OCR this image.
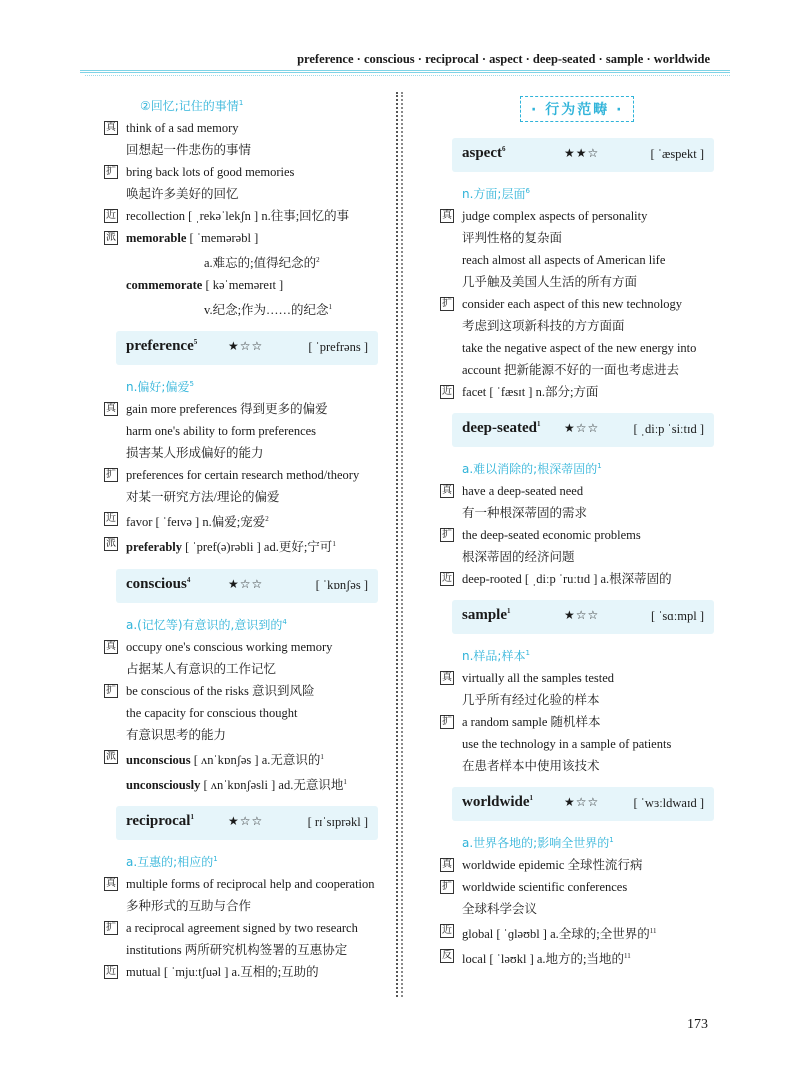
preference · conscious · reciprocal · aspect · deep-seated · sample · worldwide
②回忆;记住的事情$^1$
真 think of a sad memory
回想起一件悲伤的事情
扩 bring back lots of good memories
唤起许多美好的回忆
近 recollection [ ˌrekəˈlekʃn ] n.往事;回忆的事
派 memorable [ ˈmemərəbl ]
a.难忘的;值得纪念的$^2$
commemorate [ kəˈmeməreɪt ]
v.纪念;作为……的纪念$^1$
preference$^5$	★☆☆	[ ˈprefrəns ]
n.偏好;偏爱$^5$
真 gain more preferences 得到更多的偏爱
harm one's ability to form preferences
损害某人形成偏好的能力
扩 preferences for certain research method/theory
对某一研究方法/理论的偏爱
近 favor [ ˈfeɪvə ] n.偏爱;宠爱$^2$
派 preferably [ ˈpref(ə)rəbli ] ad.更好;宁可$^1$
conscious$^4$	★☆☆	[ ˈkɒnʃəs ]
a.(记忆等)有意识的,意识到的$^4$
真 occupy one's conscious working memory
占据某人有意识的工作记忆
扩 be conscious of the risks 意识到风险
the capacity for conscious thought
有意识思考的能力
派 unconscious [ ʌnˈkɒnʃəs ] a.无意识的$^1$
unconsciously [ ʌnˈkɒnʃəsli ] ad.无意识地$^1$
reciprocal$^1$	★☆☆	[ rɪˈsɪprəkl ]
a.互惠的;相应的$^1$
真 multiple forms of reciprocal help and cooperation
多种形式的互助与合作
扩 a reciprocal agreement signed by two research
institutions 两所研究机构签署的互惠协定
近 mutual [ ˈmjuːtʃuəl ] a.互相的;互助的
· 行为范畴 ·
aspect$^6$	★★☆	[ ˈæspekt ]
n.方面;层面$^6$
真 judge complex aspects of personality
评判性格的复杂面
reach almost all aspects of American life
几乎触及美国人生活的所有方面
扩 consider each aspect of this new technology
考虑到这项新科技的方方面面
take the negative aspect of the new energy into
account 把新能源不好的一面也考虑进去
近 facet [ ˈfæsɪt ] n.部分;方面
deep-seated$^1$ ★☆☆	[ ˌdiːp ˈsiːtɪd ]
a.难以消除的;根深蒂固的$^1$
真 have a deep-seated need
有一种根深蒂固的需求
扩 the deep-seated economic problems
根深蒂固的经济问题
近 deep-rooted [ ˌdiːp ˈruːtɪd ] a.根深蒂固的
sample$^1$	★☆☆	[ ˈsɑːmpl ]
n.样品;样本$^1$
真 virtually all the samples tested
几乎所有经过化验的样本
扩 a random sample 随机样本
use the technology in a sample of patients
在患者样本中使用该技术
worldwide$^1$	★☆☆	[ ˈwɜːldwaɪd ]
a.世界各地的;影响全世界的$^1$
真 worldwide epidemic 全球性流行病
扩 worldwide scientific conferences
全球科学会议
近 global [ ˈɡləʊbl ] a.全球的;全世界的$^{11}$
反 local [ ˈləʊkl ] a.地方的;当地的$^{11}$
173
